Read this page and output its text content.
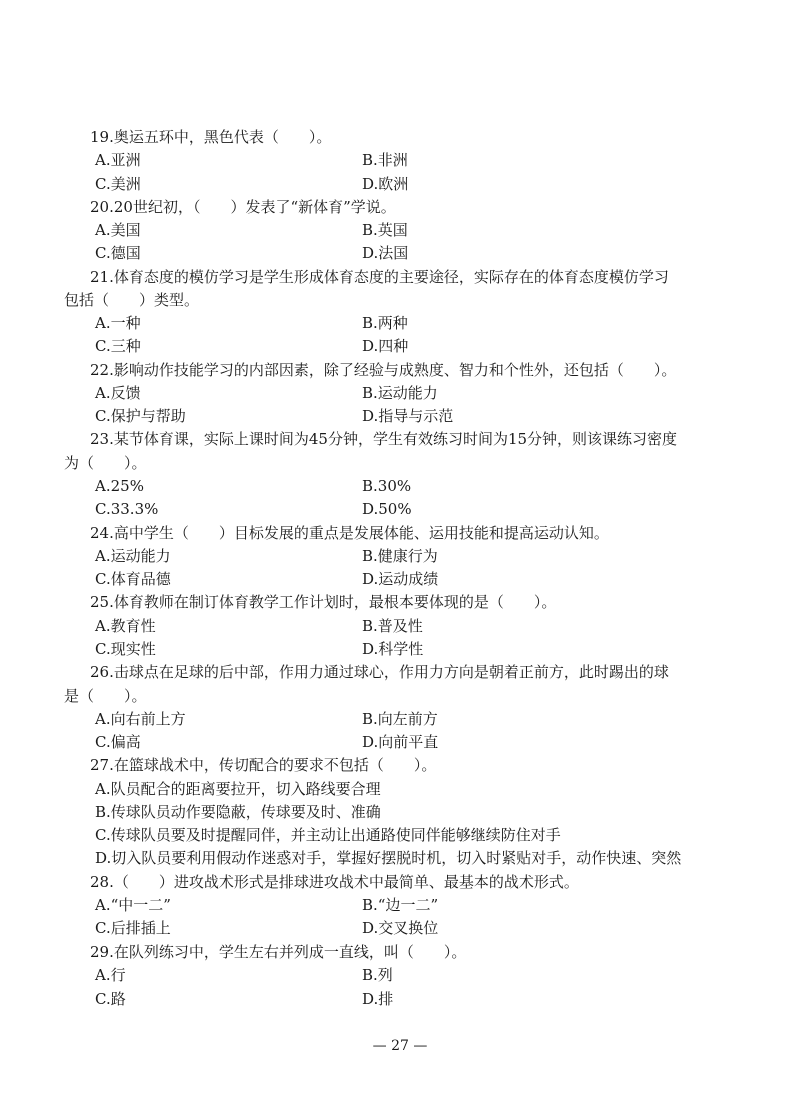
19.奥运五环中，黑色代表（　　）。
A.亚洲	B.非洲
C.美洲	D.欧洲
20.20世纪初，（　　）发表了“新体育”学说。
A.美国	B.英国
C.德国	D.法国
21.体育态度的模仿学习是学生形成体育态度的主要途径，实际存在的体育态度模仿学习
包括（　　）类型。
A.一种	B.两种
C.三种	D.四种
22.影响动作技能学习的内部因素，除了经验与成熟度、智力和个性外，还包括（　　）。
A.反馈	B.运动能力
C.保护与帮助	D.指导与示范
23.某节体育课，实际上课时间为45分钟，学生有效练习时间为15分钟，则该课练习密度
为（　　）。
A.25%	B.30%
C.33.3%	D.50%
24.高中学生（　　）目标发展的重点是发展体能、运用技能和提高运动认知。
A.运动能力	B.健康行为
C.体育品德	D.运动成绩
25.体育教师在制订体育教学工作计划时，最根本要体现的是（　　）。
A.教育性	B.普及性
C.现实性	D.科学性
26.击球点在足球的后中部，作用力通过球心，作用力方向是朝着正前方，此时踢出的球
是（　　）。
A.向右前上方	B.向左前方
C.偏高	D.向前平直
27.在篮球战术中，传切配合的要求不包括（　　）。
A.队员配合的距离要拉开，切入路线要合理
B.传球队员动作要隐蔽，传球要及时、准确
C.传球队员要及时提醒同伴，并主动让出通路使同伴能够继续防住对手
D.切入队员要利用假动作迷惑对手，掌握好摆脱时机，切入时紧贴对手，动作快速、突然
28.（　　）进攻战术形式是排球进攻战术中最简单、最基本的战术形式。
A.“中一二”	B.“边一二”
C.后排插上	D.交叉换位
29.在队列练习中，学生左右并列成一直线，叫（　　）。
A.行	B.列
C.路	D.排
— 27 —
